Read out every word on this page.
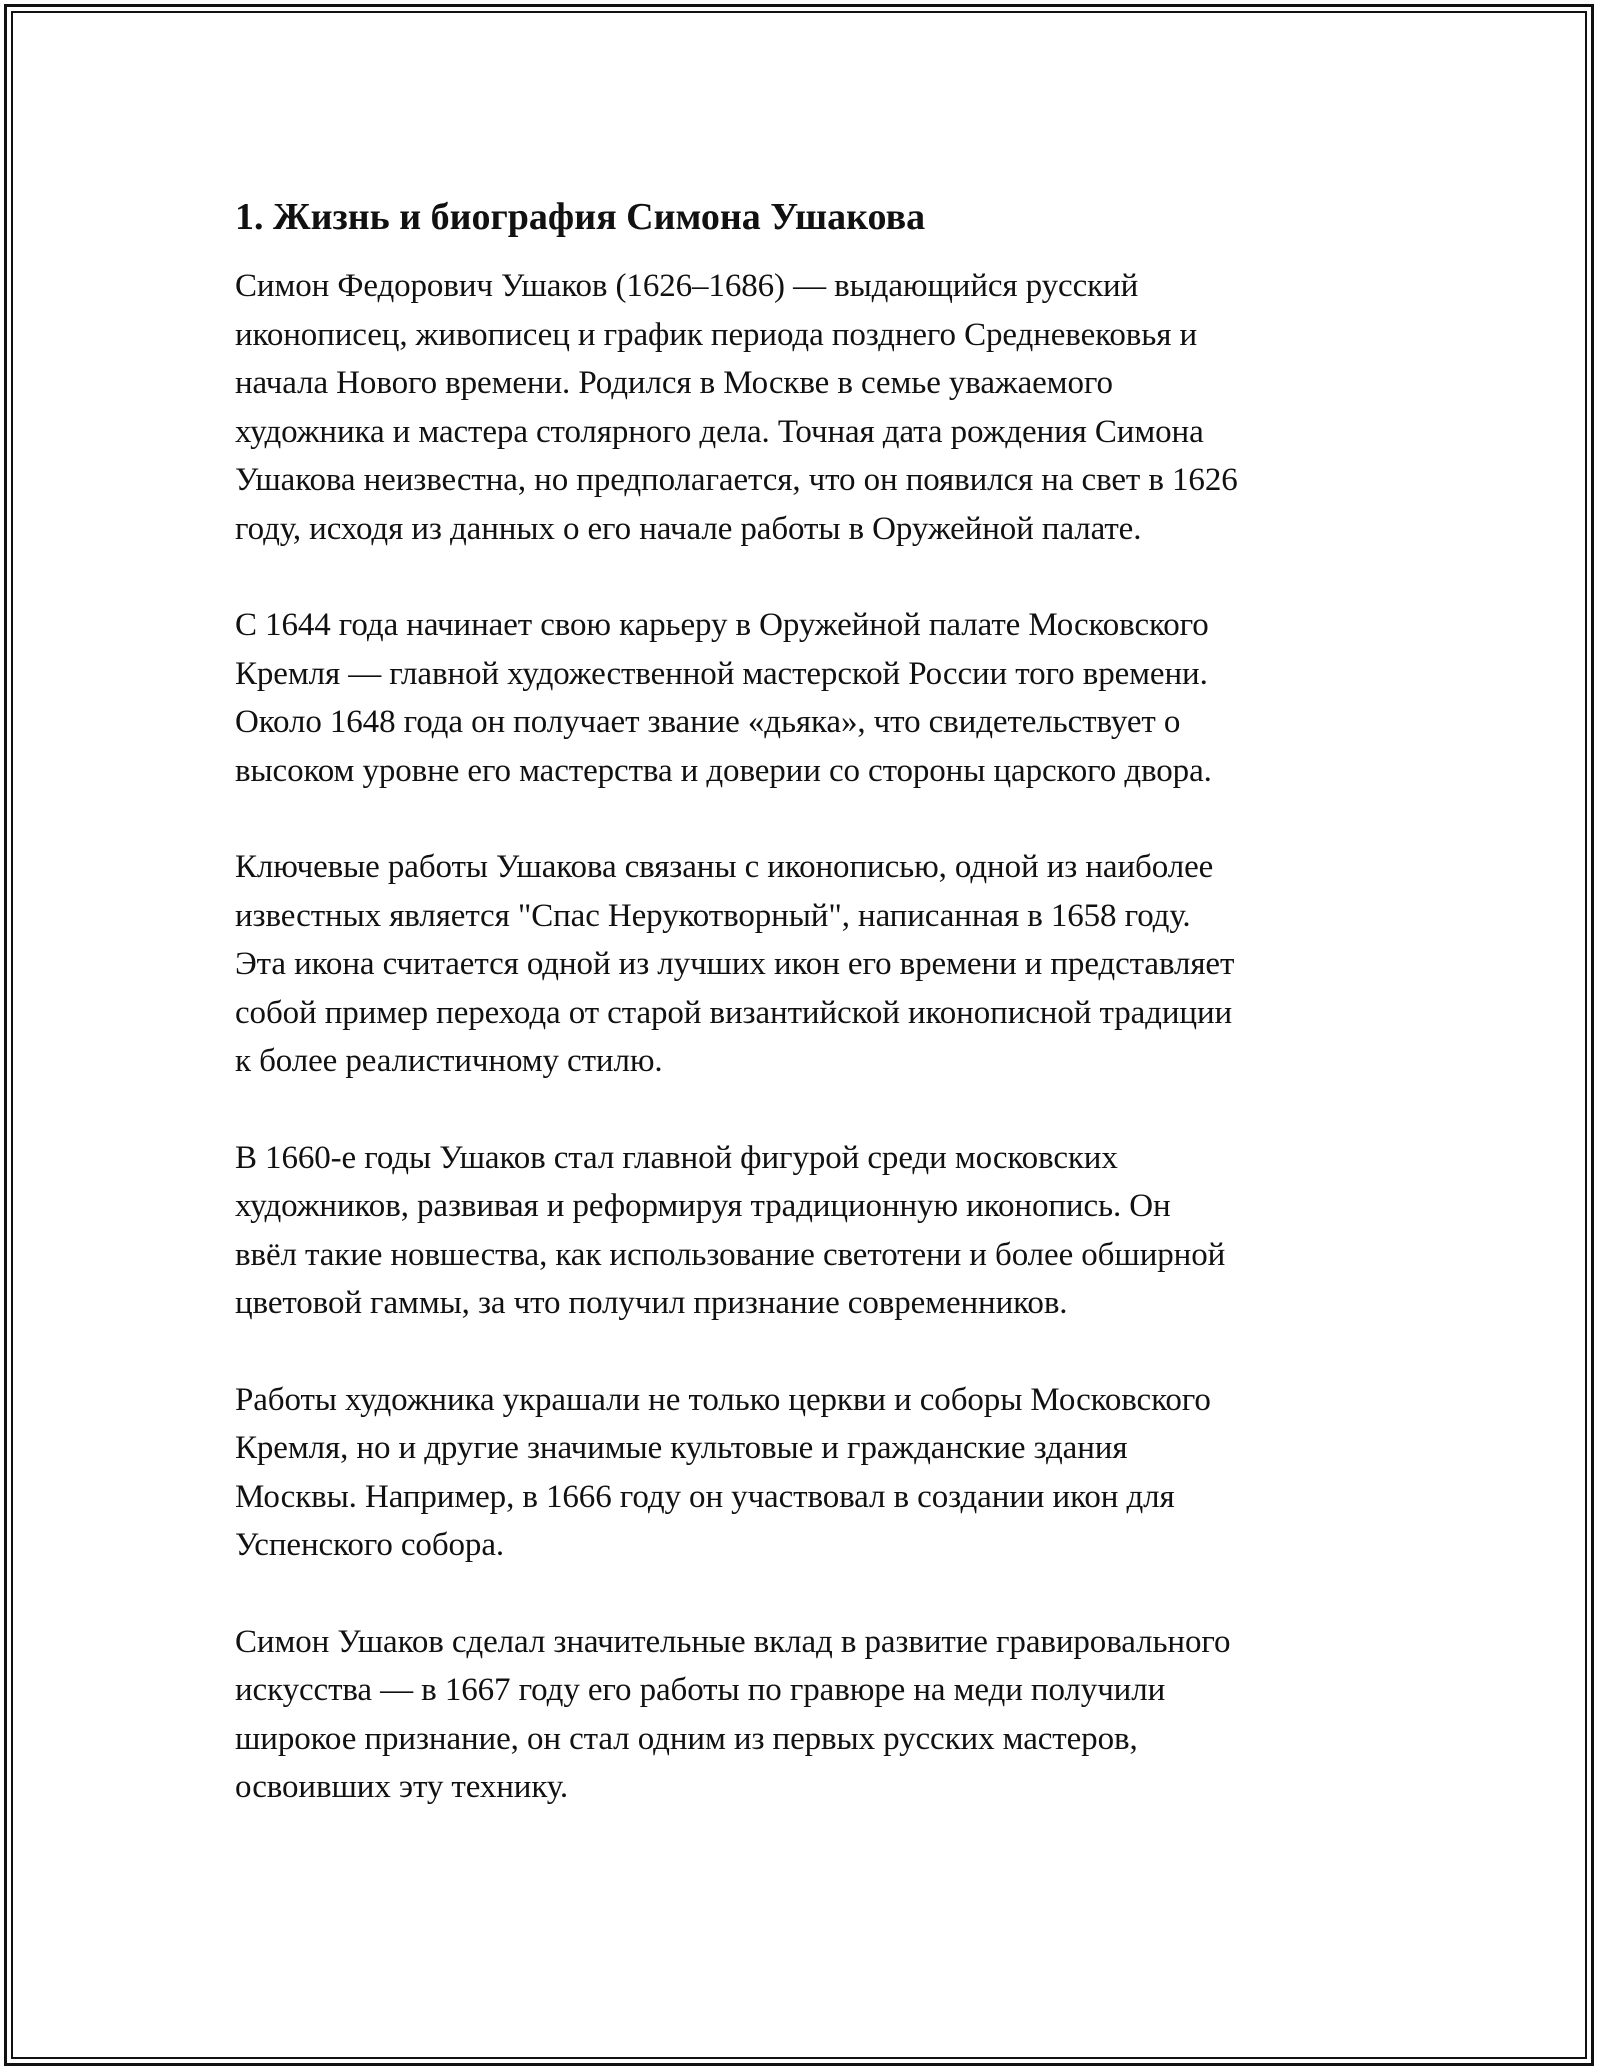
1. Жизнь и биография Симона Ушакова

Симон Федорович Ушаков (1626–1686) — выдающийся русский
иконописец, живописец и график периода позднего Средневековья и
начала Нового времени. Родился в Москве в семье уважаемого
художника и мастера столярного дела. Точная дата рождения Симона
Ушакова неизвестна, но предполагается, что он появился на свет в 1626
году, исходя из данных о его начале работы в Оружейной палате.

С 1644 года начинает свою карьеру в Оружейной палате Московского
Кремля — главной художественной мастерской России того времени.
Около 1648 года он получает звание «дьяка», что свидетельствует о
высоком уровне его мастерства и доверии со стороны царского двора.

Ключевые работы Ушакова связаны с иконописью, одной из наиболее
известных является "Спас Нерукотворный", написанная в 1658 году.
Эта икона считается одной из лучших икон его времени и представляет
собой пример перехода от старой византийской иконописной традиции
к более реалистичному стилю.

В 1660-е годы Ушаков стал главной фигурой среди московских
художников, развивая и реформируя традиционную иконопись. Он
ввёл такие новшества, как использование светотени и более обширной
цветовой гаммы, за что получил признание современников.

Работы художника украшали не только церкви и соборы Московского
Кремля, но и другие значимые культовые и гражданские здания
Москвы. Например, в 1666 году он участвовал в создании икон для
Успенского собора.

Симон Ушаков сделал значительные вклад в развитие гравировального
искусства — в 1667 году его работы по гравюре на меди получили
широкое признание, он стал одним из первых русских мастеров,
освоивших эту технику.
